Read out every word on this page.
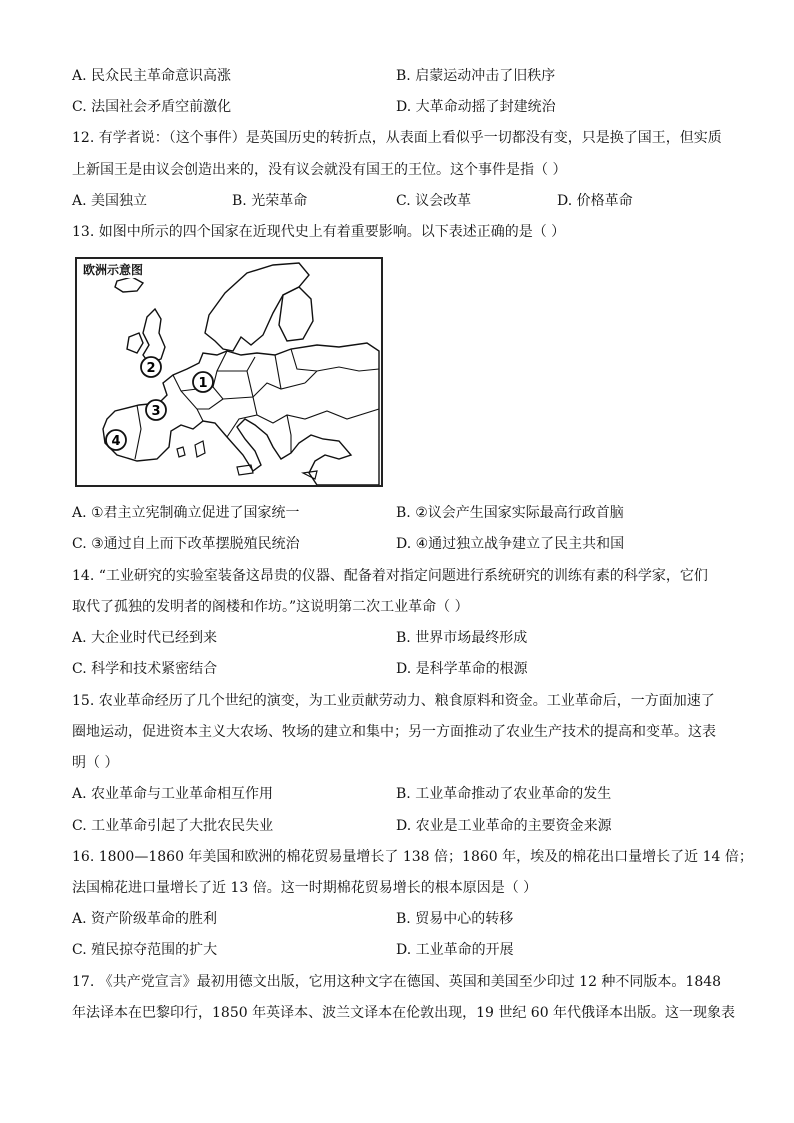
A. 民众民主革命意识高涨	B. 启蒙运动冲击了旧秩序
C. 法国社会矛盾空前激化	D. 大革命动摇了封建统治
12. 有学者说：（这个事件）是英国历史的转折点，从表面上看似乎一切都没有变，只是换了国王，但实质
上新国王是由议会创造出来的，没有议会就没有国王的王位。这个事件是指（ ）
A. 美国独立	B. 光荣革命	C. 议会改革	D. 价格革命
13. 如图中所示的四个国家在近现代史上有着重要影响。以下表述正确的是（ ）
1
2
3
4
欧洲示意图
A. ①君主立宪制确立促进了国家统一	B. ②议会产生国家实际最高行政首脑
C. ③通过自上而下改革摆脱殖民统治	D. ④通过独立战争建立了民主共和国
14. “工业研究的实验室装备这昂贵的仪器、配备着对指定问题进行系统研究的训练有素的科学家，它们
取代了孤独的发明者的阁楼和作坊。”这说明第二次工业革命（ ）
A. 大企业时代已经到来	B. 世界市场最终形成
C. 科学和技术紧密结合	D. 是科学革命的根源
15. 农业革命经历了几个世纪的演变，为工业贡献劳动力、粮食原料和资金。工业革命后，一方面加速了
圈地运动，促进资本主义大农场、牧场的建立和集中；另一方面推动了农业生产技术的提高和变革。这表
明（ ）
A. 农业革命与工业革命相互作用	B. 工业革命推动了农业革命的发生
C. 工业革命引起了大批农民失业	D. 农业是工业革命的主要资金来源
16. 1800—1860 年美国和欧洲的棉花贸易量增长了 138 倍；1860 年，埃及的棉花出口量增长了近 14 倍；
法国棉花进口量增长了近 13 倍。这一时期棉花贸易增长的根本原因是（ ）
A. 资产阶级革命的胜利	B. 贸易中心的转移
C. 殖民掠夺范围的扩大	D. 工业革命的开展
17. 《共产党宣言》最初用德文出版，它用这种文字在德国、英国和美国至少印过 12 种不同版本。1848
年法译本在巴黎印行，1850 年英译本、波兰文译本在伦敦出现，19 世纪 60 年代俄译本出版。这一现象表
